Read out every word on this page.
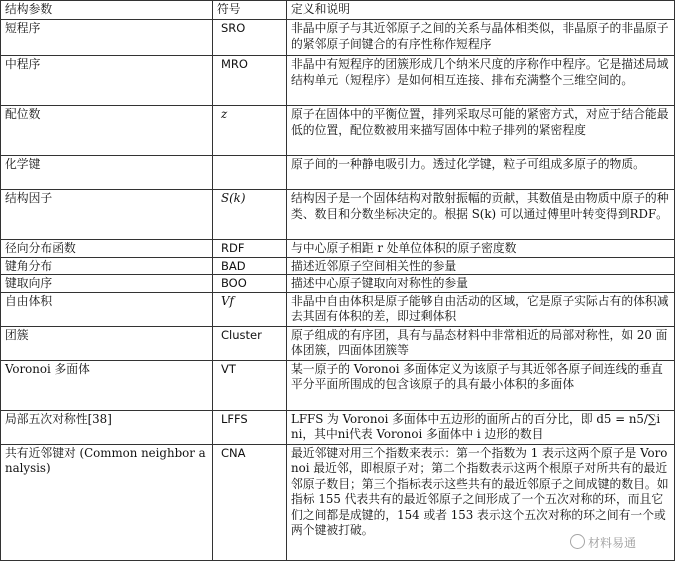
结构参数	符号	定义和说明
短程序	SRO	非晶中原子与其近邻原子之间的关系与晶体相类似，非晶原子的非晶原子的紧邻原子间键合的有序性称作短程序
中程序	MRO	非晶中有短程序的团簇形成几个纳米尺度的序称作中程序。它是描述局域结构单元（短程序）是如何相互连接、排布充满整个三维空间的。
配位数	z	原子在固体中的平衡位置，排列采取尽可能的紧密方式，对应于结合能最低的位置，配位数被用来描写固体中粒子排列的紧密程度
化学键		原子间的一种静电吸引力。透过化学键，粒子可组成多原子的物质。
结构因子	S(k)	结构因子是一个固体结构对散射振幅的贡献，其数值是由物质中原子的种类、数目和分数坐标决定的。根据 S(k) 可以通过傅里叶转变得到RDF。
径向分布函数	RDF	与中心原子相距 r 处单位体积的原子密度数
键角分布	BAD	描述近邻原子空间相关性的参量
键取向序	BOO	描述中心原子键取向对称性的参量
自由体积	Vf	非晶中自由体积是原子能够自由活动的区域，它是原子实际占有的体积减去其固有体积的差，即过剩体积
团簇	Cluster	原子组成的有序团，具有与晶态材料中非常相近的局部对称性，如 20 面体团簇，四面体团簇等
Voronoi 多面体	VT	某一原子的 Voronoi 多面体定义为该原子与其近邻各原子间连线的垂直平分平面所围成的包含该原子的具有最小体积的多面体
局部五次对称性[38]	LFFS	LFFS 为 Voronoi 多面体中五边形的面所占的百分比，即 d5 = n5/∑i ni，其中ni代表 Voronoi 多面体中 i 边形的数目
共有近邻键对 (Common neighbor analysis)	CNA	最近邻键对用三个指数来表示：第一个指数为 1 表示这两个原子是 Voronoi 最近邻，即根原子对；第二个指数表示这两个根原子对所共有的最近邻原子数目；第三个指标表示这些共有的最近邻原子之间成键的数目。如指标 155 代表共有的最近邻原子之间形成了一个五次对称的环，而且它们之间都是成键的，154 或者 153 表示这个五次对称的环之间有一个或两个键被打破。
材料易通
